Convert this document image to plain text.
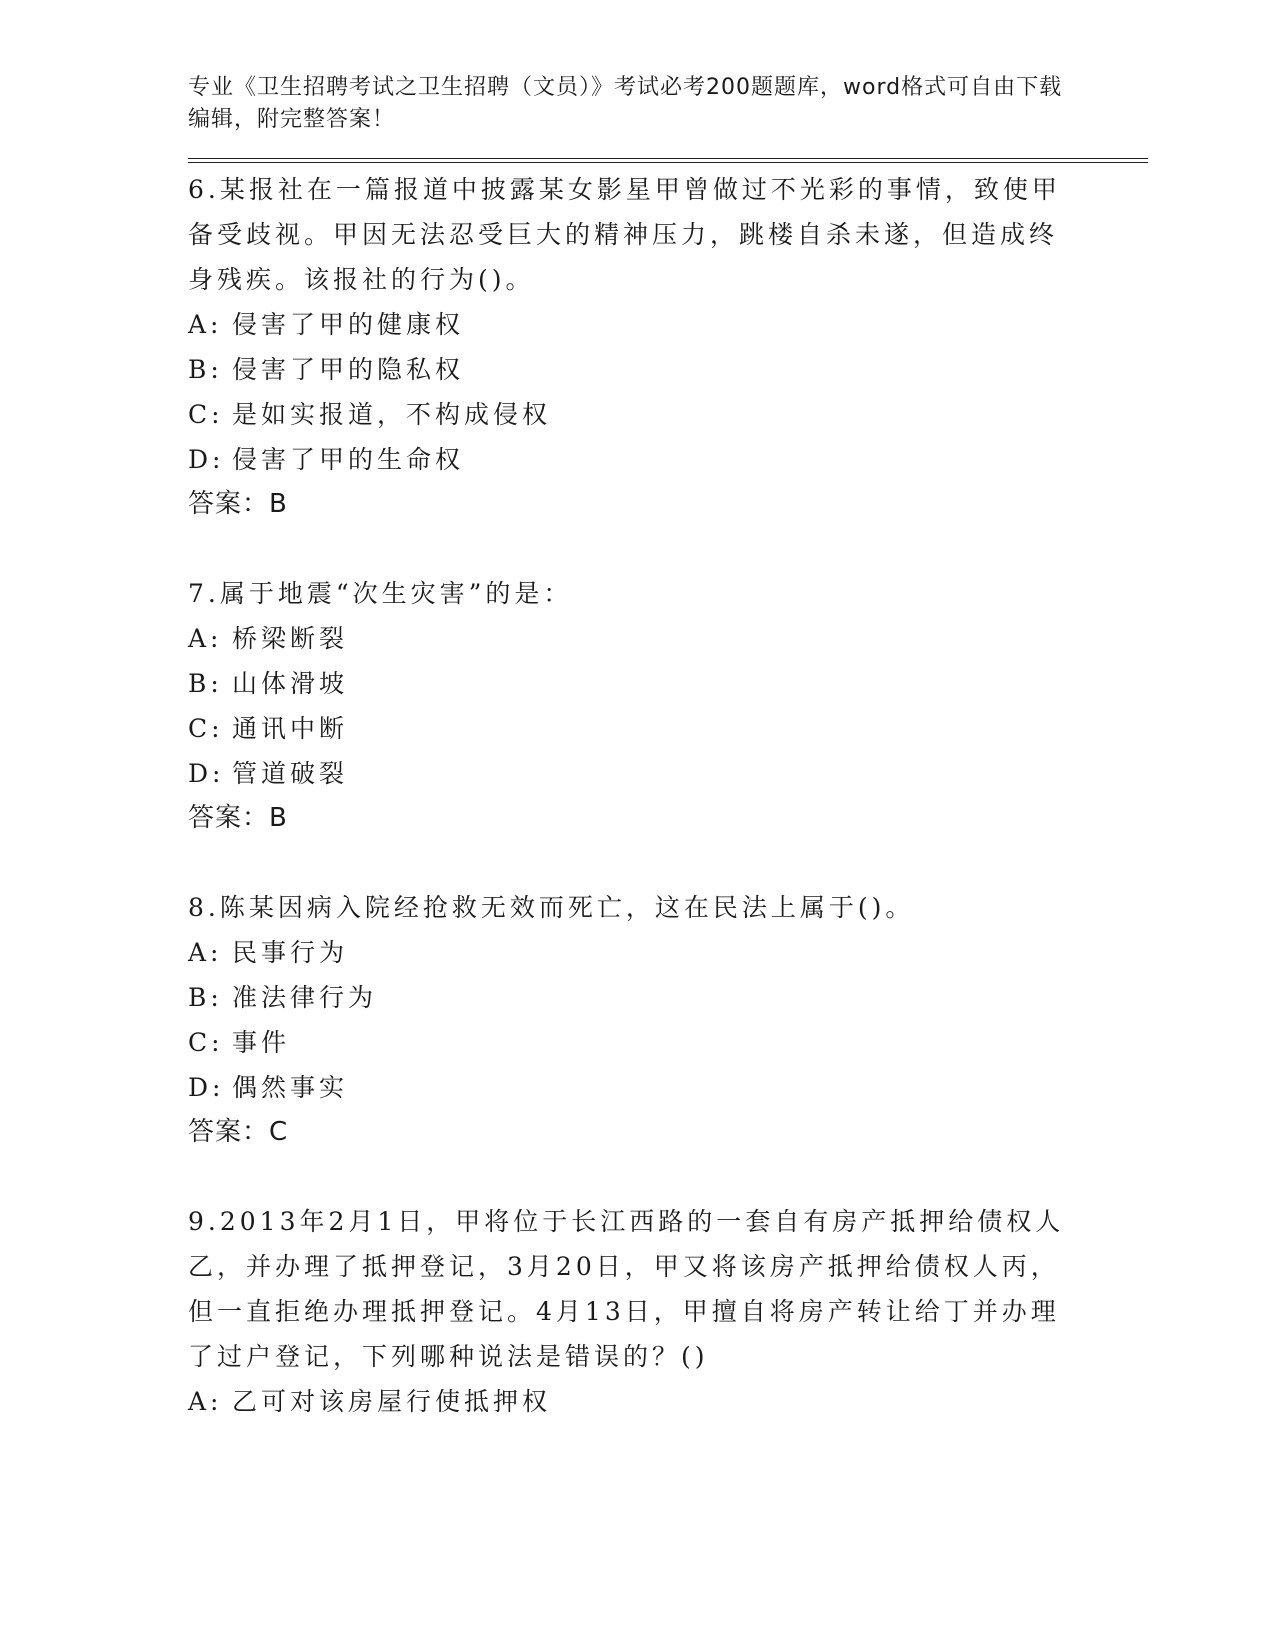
专业《卫生招聘考试之卫生招聘（文员）》考试必考200题题库，word格式可自由下载编辑，附完整答案！

6.某报社在一篇报道中披露某女影星甲曾做过不光彩的事情，致使甲备受歧视。甲因无法忍受巨大的精神压力，跳楼自杀未遂，但造成终身残疾。该报社的行为()。

A: 侵害了甲的健康权
B: 侵害了甲的隐私权
C: 是如实报道，不构成侵权
D: 侵害了甲的生命权

答案：B

7.属于地震“次生灾害”的是：

A: 桥梁断裂
B: 山体滑坡
C: 通讯中断
D: 管道破裂

答案：B

8.陈某因病入院经抢救无效而死亡，这在民法上属于()。

A: 民事行为
B: 准法律行为
C: 事件
D: 偶然事实

答案：C

9.2013年2月1日，甲将位于长江西路的一套自有房产抵押给债权人乙，并办理了抵押登记，3月20日，甲又将该房产抵押给债权人丙，但一直拒绝办理抵押登记。4月13日，甲擅自将房产转让给丁并办理了过户登记，下列哪种说法是错误的？()

A: 乙可对该房屋行使抵押权
